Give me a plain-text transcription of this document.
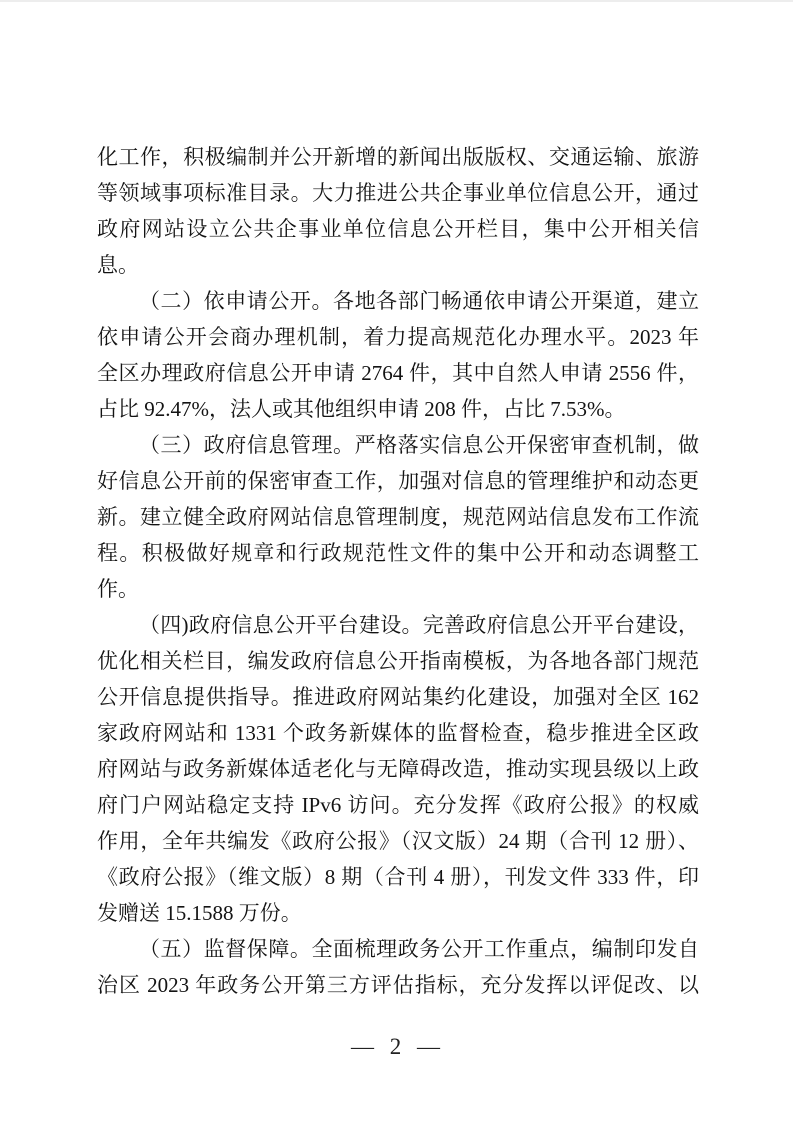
化工作，积极编制并公开新增的新闻出版版权、交通运输、旅游
等领域事项标准目录。大力推进公共企事业单位信息公开，通过
政府网站设立公共企事业单位信息公开栏目，集中公开相关信
息。
（二）依申请公开。各地各部门畅通依申请公开渠道，建立
依申请公开会商办理机制，着力提高规范化办理水平。2023 年
全区办理政府信息公开申请 2764 件，其中自然人申请 2556 件，
占比 92.47%，法人或其他组织申请 208 件，占比 7.53%。
（三）政府信息管理。严格落实信息公开保密审查机制，做
好信息公开前的保密审查工作，加强对信息的管理维护和动态更
新。建立健全政府网站信息管理制度，规范网站信息发布工作流
程。积极做好规章和行政规范性文件的集中公开和动态调整工
作。
（四)政府信息公开平台建设。完善政府信息公开平台建设，
优化相关栏目，编发政府信息公开指南模板，为各地各部门规范
公开信息提供指导。推进政府网站集约化建设，加强对全区 162
家政府网站和 1331 个政务新媒体的监督检查，稳步推进全区政
府网站与政务新媒体适老化与无障碍改造，推动实现县级以上政
府门户网站稳定支持 IPv6 访问。充分发挥《政府公报》的权威
作用，全年共编发《政府公报》（汉文版）24 期（合刊 12 册）、
《政府公报》（维文版）8 期（合刊 4 册），刊发文件 333 件，印
发赠送 15.1588 万份。
（五）监督保障。全面梳理政务公开工作重点，编制印发自
治区 2023 年政务公开第三方评估指标，充分发挥以评促改、以
— 2 —
